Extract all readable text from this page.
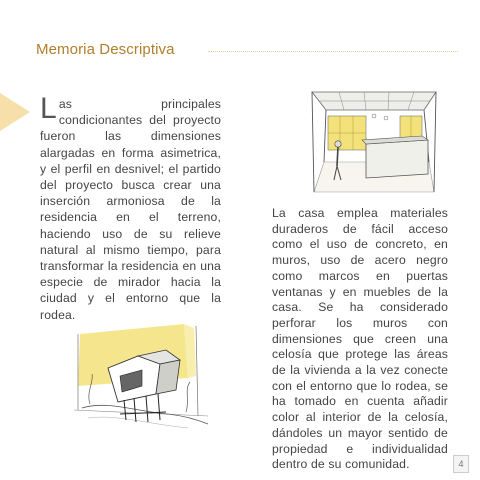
Memoria Descriptiva
Las principales condicionantes del proyecto fueron las dimensiones alargadas en forma asimetrica, y el perfil en desnivel; el partido del proyecto busca crear una inserción armoniosa de la residencia en el terreno, haciendo uso de su relieve natural al mismo tiempo, para transformar la residencia en una especie de mirador hacia la ciudad y el entorno que la rodea.
La casa emplea materiales duraderos de fácil acceso como el uso de concreto, en muros, uso de acero negro como marcos en puertas ventanas y en muebles de la casa. Se ha considerado perforar los muros con dimensiones que creen una celosía que protege las áreas de la vivienda a la vez conecte con el entorno que lo rodea, se ha tomado en cuenta añadir color al interior de la celosía, dándoles un mayor sentido de propiedad e individualidad dentro de su comunidad.	4
